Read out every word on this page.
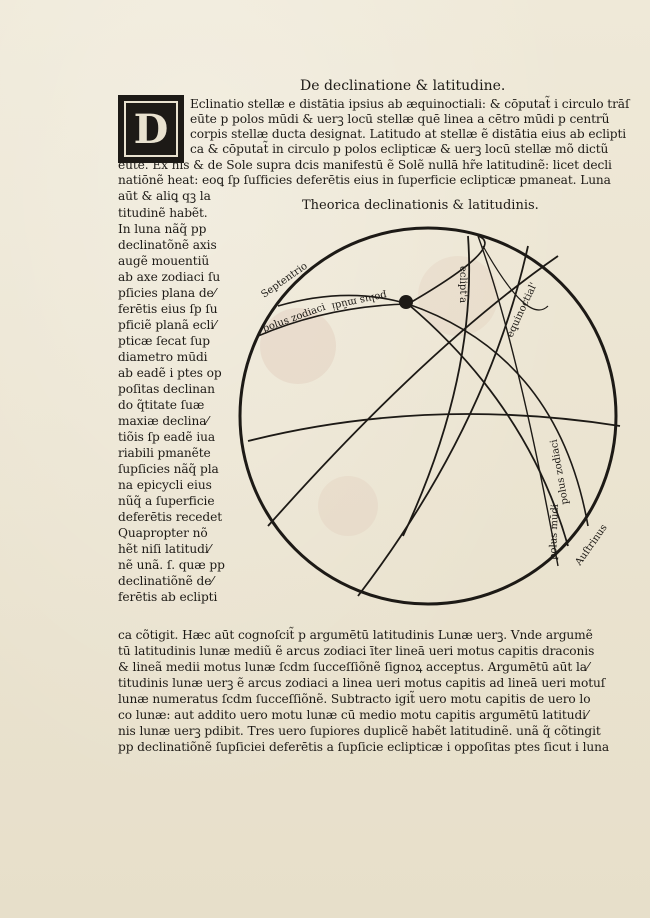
De declinatione & latitudine.
D
Eclinatio stellæ e distātia ipsius ab æquinoctiali: & cōputat̃ i circulo trāſ
eūte p polos mūdi & uerꝫ locū stellæ quē linea a cētro mūdi p centrũ
corpis stellæ ducta designat. Latitudo at stellæ ẽ distātia eius ab eclipti
ca & cōputat̃ in circulo p polos eclipticæ & uerꝫ locū stellæ mõ dictũ
eūte. Ex his & de Sole supra dcis manifestū ẽ Solẽ nullā hr̃e latitudinẽ: licet decli
natiōnẽ heat: eoꝗ ſp ſuſficies deferētis eius in ſuperficie eclipticæ pmaneat. Luna
aūt & aliꝗ qꝫ la
Theorica declinationis & latitudinis.
titudinẽ habẽt.
In luna nãq̃ pp
declinatõnẽ axis
augẽ mouentiũ
ab axe zodiaci ſu
pſicies plana de⁄
ferētis eius ſp ſu
pficiẽ planã ecli⁄
pticæ ſecat ſup
diametro mūdi
ab eadẽ i ptes op
poſitas declinan
do q̃titate ſuæ
maxiæ declina⁄
tiõis ſp eadẽ iua
riabili pmanẽte
ſupſicies nãq̃ pla
na epicycli eius
nũq̃ a ſuperficie
deferētis recedet
Quapropter nõ
hẽt niſi latitudi⁄
nẽ unã. ſ. quæ pp
declinatiõnẽ de⁄
ferētis ab eclipti
Septentrio polus mūdi
polus zodiaci
eclipt'a	equinoctial'
polus zodiaci
polus mūdi Auſtrinus
ca cõtigit. Hæc aūt cognoſcit̃ p argumētū latitudinis Lunæ uerꝫ. Vnde argumẽ
tū latitudinis lunæ mediũ ẽ arcus zodiaci īter lineā ueri motus capitis draconis
& lineã medii motus lunæ ſcdm ſucceſſiõnẽ ſignoꝝ acceptus. Argumētū aūt la⁄
titudinis lunæ uerꝫ ẽ arcus zodiaci a linea ueri motus capitis ad lineā ueri motuſ
lunæ numeratus ſcdm ſucceſſiõnẽ. Subtracto igit̃ uero motu capitis de uero lo
co lunæ: aut addito uero motu lunæ cū medio motu capitis argumētū latitudi⁄
nis lunæ uerꝫ pdibit. Tres uero ſupiores duplicẽ habẽt latitudinẽ. unã q̃ cõtingit
pp declinatiõnẽ ſupſiciei deferētis a ſupſicie eclipticæ i oppoſitas ptes ſicut i luna
